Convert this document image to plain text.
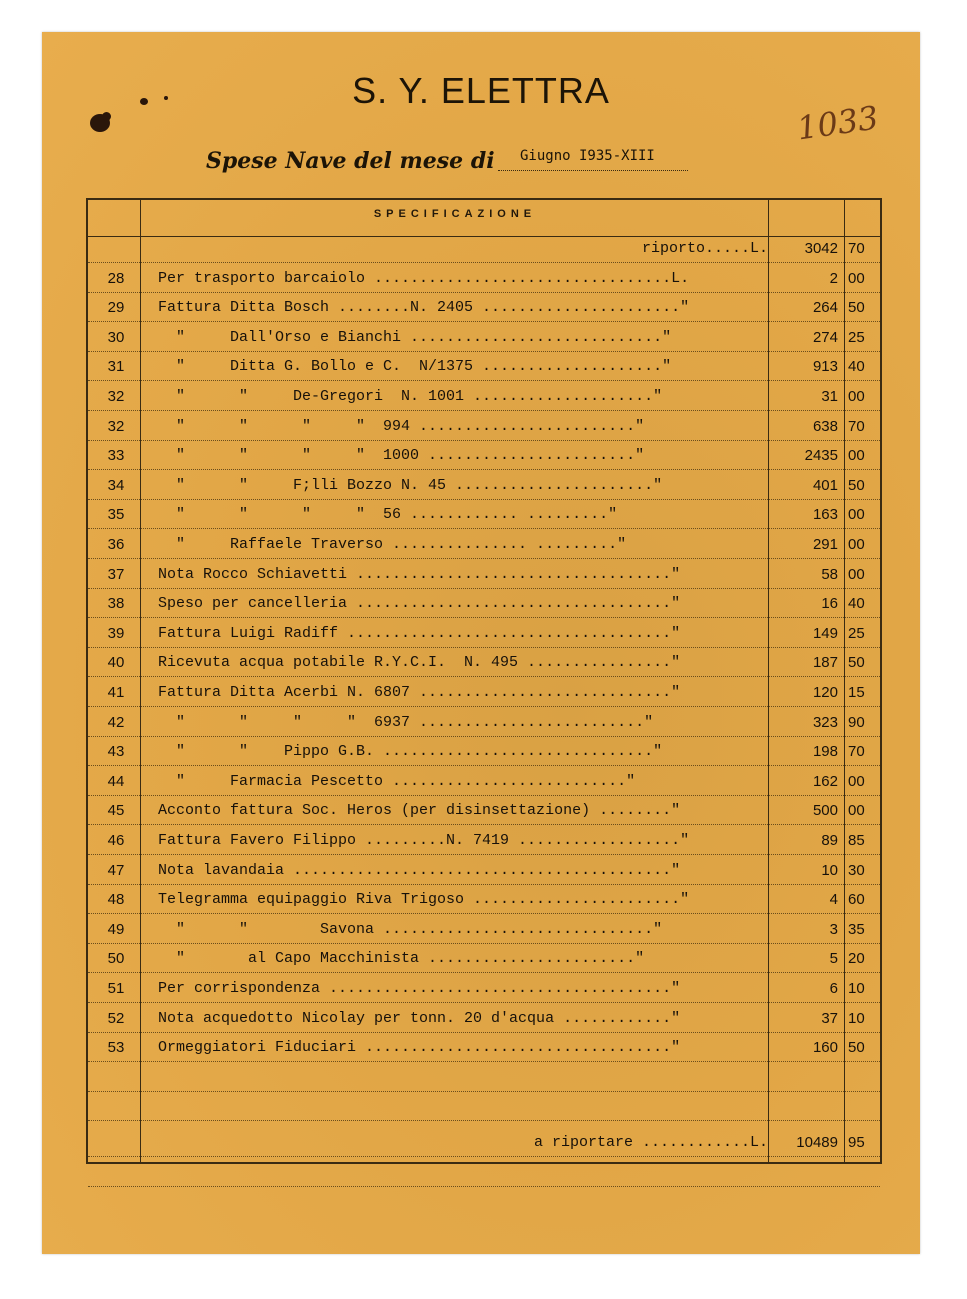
S. Y. ELETTRA
1033
Spese Nave del mese di Giugno I935-XIII
SPECIFICAZIONE
riporto.....L.	3042 70
28	Per trasporto barcaiolo .................................L.	2 00
29	Fattura Ditta Bosch ........N. 2405 ......................"	264 50
30	"     Dall'Orso e Bianchi ............................"	274 25
31	"     Ditta G. Bollo e C.  N/1375 ...................."	913 40
32	"      "     De-Gregori  N. 1001 ...................."	31 00
32	"      "      "     "  994 ........................"	638 70
33	"      "      "     "  1000 ......................."	2435 00
34	"      "     F;lli Bozzo N. 45 ......................"	401 50
35	"      "      "     "  56 ............ ........."	163 00
36	"     Raffaele Traverso ............... ........."	291 00
37	Nota Rocco Schiavetti ..................................."	58 00
38	Speso per cancelleria ..................................."	16 40
39	Fattura Luigi Radiff ...................................."	149 25
40	Ricevuta acqua potabile R.Y.C.I.  N. 495 ................"	187 50
41	Fattura Ditta Acerbi N. 6807 ............................"	120 15
42	"      "     "     "  6937 ........................."	323 90
43	"      "    Pippo G.B. .............................."	198 70
44	"     Farmacia Pescetto .........................."	162 00
45	Acconto fattura Soc. Heros (per disinsettazione) ........"	500 00
46	Fattura Favero Filippo .........N. 7419 .................."	89 85
47	Nota lavandaia .........................................."	10 30
48	Telegramma equipaggio Riva Trigoso ......................."	4 60
49	"      "        Savona .............................."	3 35
50	"       al Capo Macchinista ......................."	5 20
51	Per corrispondenza ......................................"	6 10
52	Nota acquedotto Nicolay per tonn. 20 d'acqua ............"	37 10
53	Ormeggiatori Fiduciari .................................."	160 50
a riportare ............L.	10489 95
